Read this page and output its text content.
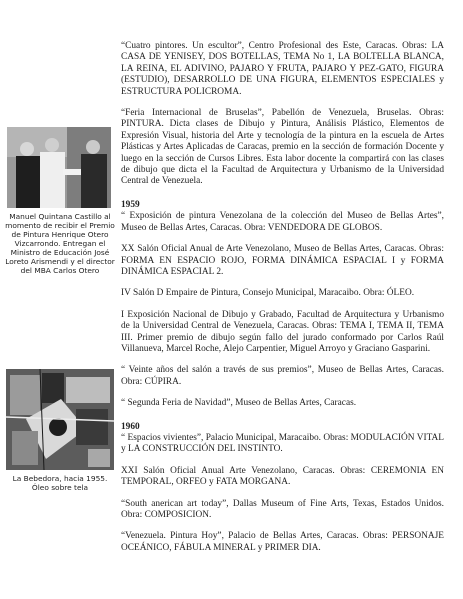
Manuel Quintana Castillo al momento de recibir el Premio de Pintura Henrique Otero Vizcarrondo. Entregan el Ministro de Educación José Loreto Arismendi y el director del MBA Carlos Otero
La Bebedora, hacia 1955. Óleo sobre tela

“Cuatro pintores. Un escultor”, Centro Profesional des Este, Caracas. Obras: LA CASA DE YENISEY, DOS BOTELLAS, TEMA No 1, LA BOLTELLA BLANCA, LA REINA, EL ADIVINO, PAJARO Y FRUTA, PAJARO Y PEZ-GATO, FIGURA (ESTUDIO), DESARROLLO DE UNA FIGURA, ELEMENTOS ESPECIALES y ESTRUCTURA POLICROMA.

“Feria Internacional de Bruselas”, Pabellón de Venezuela, Bruselas. Obras: PINTURA. Dicta clases de Dibujo y Pintura, Análisis Plástico, Elementos de Expresión Visual, historia del Arte y tecnología de la pintura en la escuela de Artes Plásticas y Artes Aplicadas de Caracas, premio en la sección de formación Docente y luego en la sección de Cursos Libres. Esta labor docente la compartirá con las clases de dibujo que dicta el la Facultad de Arquitectura y Urbanismo de la Universidad Central de Venezuela.

1959

“ Exposición de pintura Venezolana de la colección del Museo de Bellas Artes”, Museo de Bellas Artes, Caracas. Obra: VENDEDORA DE GLOBOS.

XX Salón Oficial Anual de Arte Venezolano, Museo de Bellas Artes, Caracas. Obras: FORMA EN ESPACIO ROJO, FORMA DINÁMICA ESPACIAL I y FORMA DINÁMICA ESPACIAL 2.

IV Salón D Empaire de Pintura, Consejo Municipal, Maracaibo. Obra: ÓLEO.

I Exposición Nacional de Dibujo y Grabado, Facultad de Arquitectura y Urbanismo de la Universidad Central de Venezuela, Caracas. Obras: TEMA I, TEMA II, TEMA III. Primer premio de dibujo según fallo del jurado conformado por Carlos Raúl Villanueva, Marcel Roche, Alejo Carpentier, Miguel Arroyo y Graciano Gasparini.

“ Veinte años del salón a través de sus premios”, Museo de Bellas Artes, Caracas. Obra: CÚPIRA.

“ Segunda Feria de Navidad”, Museo de Bellas Artes, Caracas.

1960

“ Espacios vivientes”, Palacio Municipal, Maracaibo. Obras: MODULACIÓN VITAL y LA CONSTRUCCIÓN DEL INSTINTO.

XXI Salón Oficial Anual Arte Venezolano, Caracas. Obras: CEREMONIA EN TEMPORAL, ORFEO y FATA MORGANA.

“South anerican art today”, Dallas Museum of Fine Arts, Texas, Estados Unidos. Obra: COMPOSICION.

“Venezuela. Pintura Hoy”, Palacio de Bellas Artes, Caracas. Obras: PERSONAJE OCEÁNICO, FÁBULA MINERAL y PRIMER DIA.
